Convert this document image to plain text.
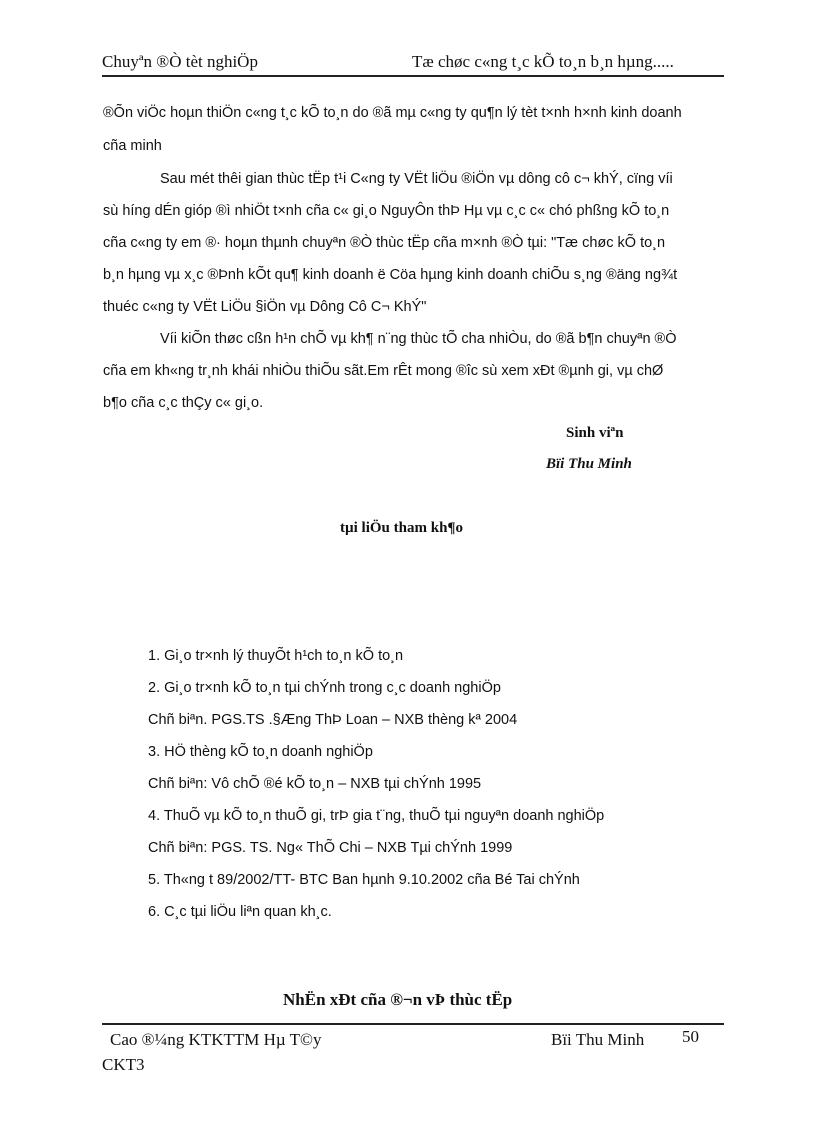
Chuyªn ®Ò tèt nghiÖp	Tæ chøc c«ng t¸c kÕ to¸n b¸n hµng.....
®Õn viÖc hoµn thiÖn c«ng t¸c kÕ to¸n do ®ã mµ c«ng ty qu¶n lý tèt t×nh h×nh kinh doanh
cña minh
Sau mét thêi gian thùc tËp t¹i C«ng ty VËt liÖu ®iÖn vµ dông cô c¬ khÝ, cïng víi
sù híng dÉn gióp ®ì nhiÖt t×nh cña c« gi¸o NguyÔn thÞ Hµ vµ c¸c c« chó phßng kÕ to¸n
cña c«ng ty em ®· hoµn thµnh chuyªn ®Ò thùc tËp cña m×nh ®Ò tµi: "Tæ chøc kÕ to¸n
b¸n hµng vµ x¸c ®Þnh kÕt qu¶ kinh doanh ë Cöa hµng kinh doanh chiÕu s¸ng ®äng ng¾t
thuéc c«ng ty VËt LiÖu §iÖn vµ Dông Cô C¬ KhÝ"
Víi kiÕn thøc cßn h¹n chÕ vµ kh¶ n¨ng thùc tÕ cha nhiÒu, do ®ã b¶n chuyªn ®Ò
cña em kh«ng tr¸nh khái nhiÒu thiÕu sãt.Em rÊt mong ®îc sù xem xÐt ®µnh gi, vµ chØ
b¶o cña c¸c thÇy c« gi¸o.
Sinh viªn
Bïi Thu Minh
tµi liÖu tham kh¶o
1. Gi¸o tr×nh lý thuyÕt h¹ch to¸n kÕ to¸n
2. Gi¸o tr×nh kÕ to¸n tµi chÝnh trong c¸c doanh nghiÖp
Chñ biªn. PGS.TS .§Æng ThÞ Loan – NXB thèng kª 2004
3. HÖ thèng kÕ to¸n doanh nghiÖp
Chñ biªn: Vô chÕ ®é kÕ to¸n – NXB tµi chÝnh 1995
4. ThuÕ vµ kÕ to¸n thuÕ gi, trÞ gia t¨ng, thuÕ tµi nguyªn doanh nghiÖp
Chñ biªn: PGS. TS. Ng« ThÕ Chi – NXB Tµi chÝnh 1999
5. Th«ng t 89/2002/TT- BTC Ban hµnh 9.10.2002 cña Bé Tai chÝnh
6. C¸c tµi liÖu liªn quan kh¸c.
NhËn xÐt cña ®¬n vÞ thùc tËp
Cao ®¼ng KTKTTM Hµ T©y
CKT3
Bïi Thu Minh 50
